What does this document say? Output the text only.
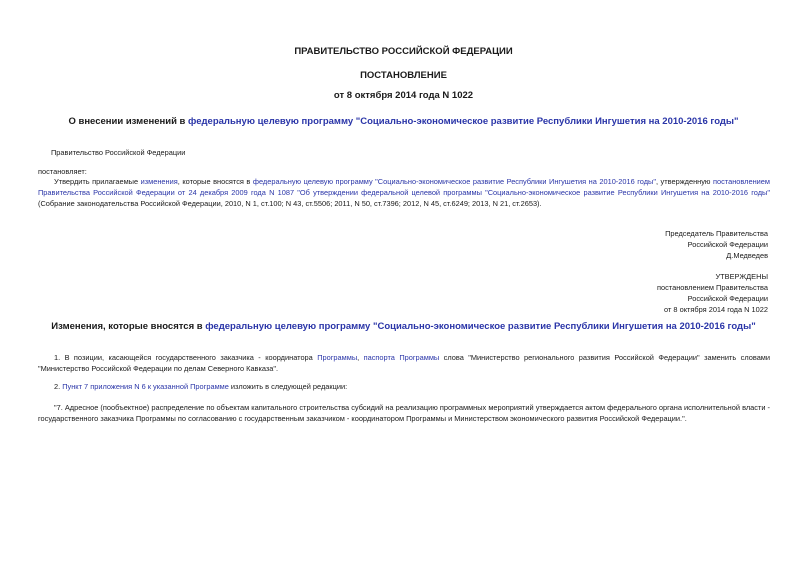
ПРАВИТЕЛЬСТВО РОССИЙСКОЙ ФЕДЕРАЦИИ
ПОСТАНОВЛЕНИЕ
от 8 октября 2014 года N 1022
О внесении изменений в федеральную целевую программу "Социально-экономическое развитие Республики Ингушетия на 2010-2016 годы"
Правительство Российской Федерации
постановляет:
Утвердить прилагаемые изменения, которые вносятся в федеральную целевую программу "Социально-экономическое развитие Республики Ингушетия на 2010-2016 годы", утвержденную постановлением Правительства Российской Федерации от 24 декабря 2009 года N 1087 "Об утверждении федеральной целевой программы "Социально-экономическое развитие Республики Ингушетия на 2010-2016 годы" (Собрание законодательства Российской Федерации, 2010, N 1, ст.100; N 43, ст.5506; 2011, N 50, ст.7396; 2012, N 45, ст.6249; 2013, N 21, ст.2653).
Председатель Правительства
Российской Федерации
Д.Медведев
УТВЕРЖДЕНЫ
постановлением Правительства
Российской Федерации
от 8 октября 2014 года N 1022
Изменения, которые вносятся в федеральную целевую программу "Социально-экономическое развитие Республики Ингушетия на 2010-2016 годы"
1. В позиции, касающейся государственного заказчика - координатора Программы, паспорта Программы слова "Министерство регионального развития Российской Федерации" заменить словами "Министерство Российской Федерации по делам Северного Кавказа".
2. Пункт 7 приложения N 6 к указанной Программе изложить в следующей редакции:
"7. Адресное (пообъектное) распределение по объектам капитального строительства субсидий на реализацию программных мероприятий утверждается актом федерального органа исполнительной власти - государственного заказчика Программы по согласованию с государственным заказчиком - координатором Программы и Министерством экономического развития Российской Федерации.".
